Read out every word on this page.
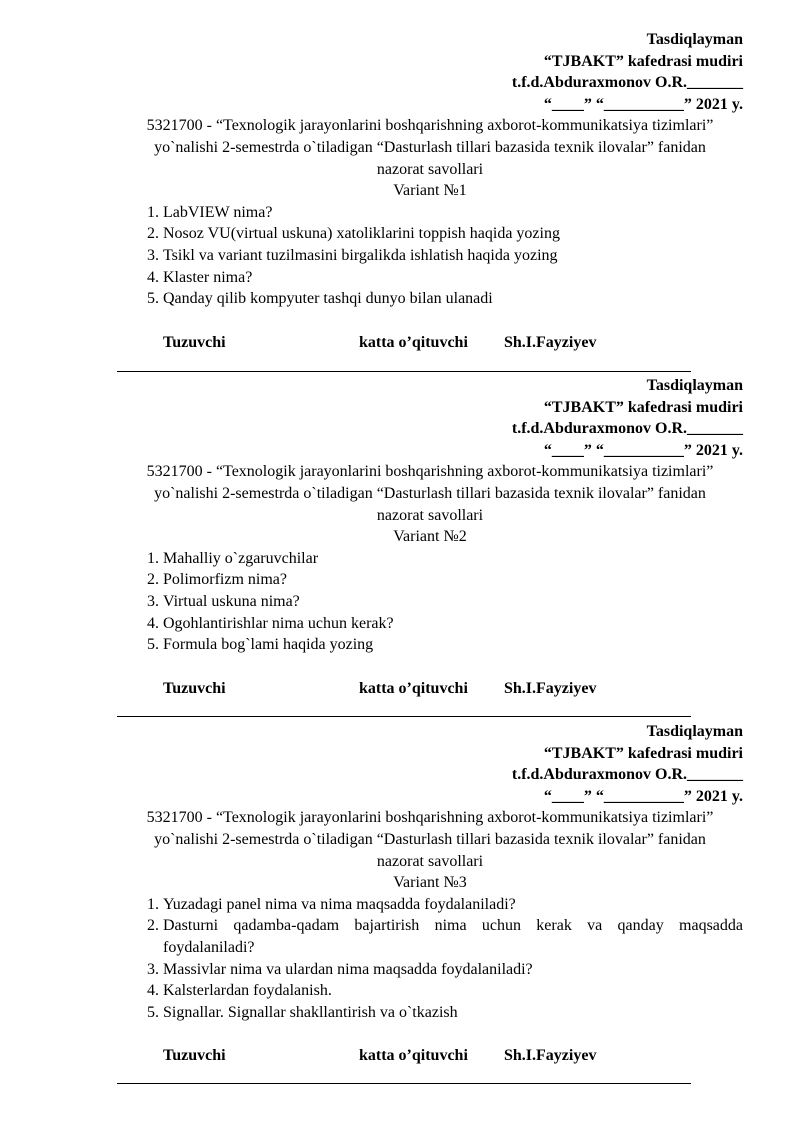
Tasdiqlayman
“TJBAKT” kafedrasi mudiri
t.f.d.Abduraxmonov O.R._______
“____” “__________” 2021 y.
5321700 - “Texnologik jarayonlarini boshqarishning axborot-kommunikatsiya tizimlari”
yo`nalishi 2-semestrda o`tiladigan “Dasturlash tillari bazasida texnik ilovalar” fanidan
nazorat savollari
Variant №1
1. LabVIEW nima?
2. Nosoz VU(virtual uskuna) xatoliklarini toppish haqida yozing
3. Tsikl va variant tuzilmasini birgalikda ishlatish haqida yozing
4. Klaster nima?
5. Qanday qilib kompyuter tashqi dunyo bilan ulanadi
Tuzuvchi	katta o’qituvchi Sh.I.Fayziyev
Tasdiqlayman
“TJBAKT” kafedrasi mudiri
t.f.d.Abduraxmonov O.R._______
“____” “__________” 2021 y.
5321700 - “Texnologik jarayonlarini boshqarishning axborot-kommunikatsiya tizimlari”
yo`nalishi 2-semestrda o`tiladigan “Dasturlash tillari bazasida texnik ilovalar” fanidan
nazorat savollari
Variant №2
1. Mahalliy o`zgaruvchilar
2. Polimorfizm nima?
3. Virtual uskuna nima?
4. Ogohlantirishlar nima uchun kerak?
5. Formula bog`lami haqida yozing
Tuzuvchi	katta o’qituvchi Sh.I.Fayziyev
Tasdiqlayman
“TJBAKT” kafedrasi mudiri
t.f.d.Abduraxmonov O.R._______
“____” “__________” 2021 y.
5321700 - “Texnologik jarayonlarini boshqarishning axborot-kommunikatsiya tizimlari”
yo`nalishi 2-semestrda o`tiladigan “Dasturlash tillari bazasida texnik ilovalar” fanidan
nazorat savollari
Variant №3
1. Yuzadagi panel nima va nima maqsadda foydalaniladi?
2. Dasturni qadamba-qadam bajartirish nima uchun kerak va qanday maqsadda foydalaniladi?
3. Massivlar nima va ulardan nima maqsadda foydalaniladi?
4. Kalsterlardan foydalanish.
5. Signallar. Signallar shakllantirish va o`tkazish
Tuzuvchi	katta o’qituvchi Sh.I.Fayziyev
